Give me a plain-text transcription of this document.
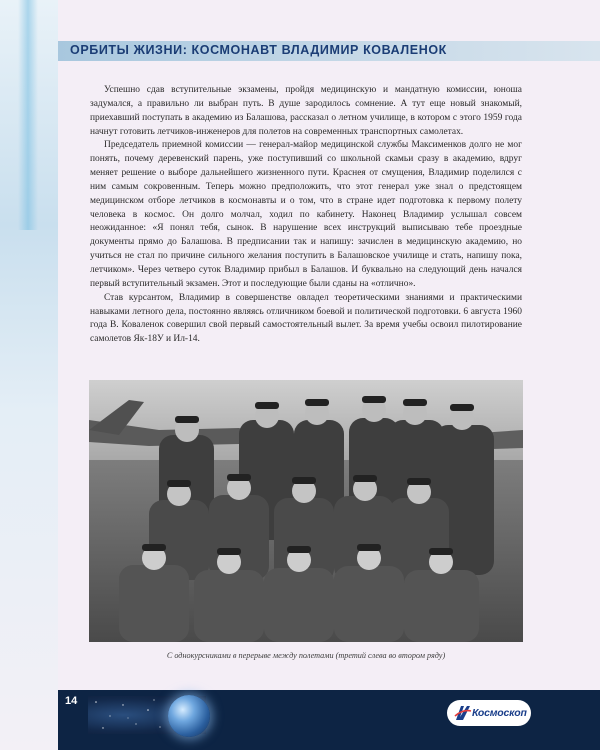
ОРБИТЫ ЖИЗНИ: КОСМОНАВТ ВЛАДИМИР КОВАЛЕНОК

Успешно сдав вступительные экзамены, пройдя медицинскую и мандатную комиссии, юноша задумался, а правильно ли выбран путь. В душе зародилось сомнение. А тут еще новый знакомый, приехавший поступать в академию из Балашова, рассказал о летном училище, в котором с этого 1959 года начнут готовить летчиков-инженеров для полетов на современных транспортных самолетах.

Председатель приемной комиссии — генерал-майор медицинской службы Максименков долго не мог понять, почему деревенский парень, уже поступивший со школьной скамьи сразу в академию, вдруг меняет решение о выборе дальнейшего жизненного пути. Краснея от смущения, Владимир поделился с ним самым сокровенным. Теперь можно предположить, что этот генерал уже знал о предстоящем медицинском отборе летчиков в космонавты и о том, что в стране идет подготовка к первому полету человека в космос. Он долго молчал, ходил по кабинету. Наконец Владимир услышал совсем неожиданное: «Я понял тебя, сынок. В нарушение всех инструкций выписываю тебе проездные документы прямо до Балашова. В предписании так и напишу: зачислен в медицинскую академию, но учиться не стал по причине сильного желания поступить в Балашовское училище и стать, напишу пока, летчиком». Через четверо суток Владимир прибыл в Балашов. И буквально на следующий день начался первый вступительный экзамен. Этот и последующие были сданы на «отлично».

Став курсантом, Владимир в совершенстве овладел теоретическими знаниями и практическими навыками летного дела, постоянно являясь отличником боевой и политической подготовки. 6 августа 1960 года В. Коваленок совершил свой первый самостоятельный вылет. За время учебы освоил пилотирование самолетов Як-18У и Ил-14.

С однокурсниками в перерыве между полетами (третий слева во втором ряду)
14
Космоскоп
